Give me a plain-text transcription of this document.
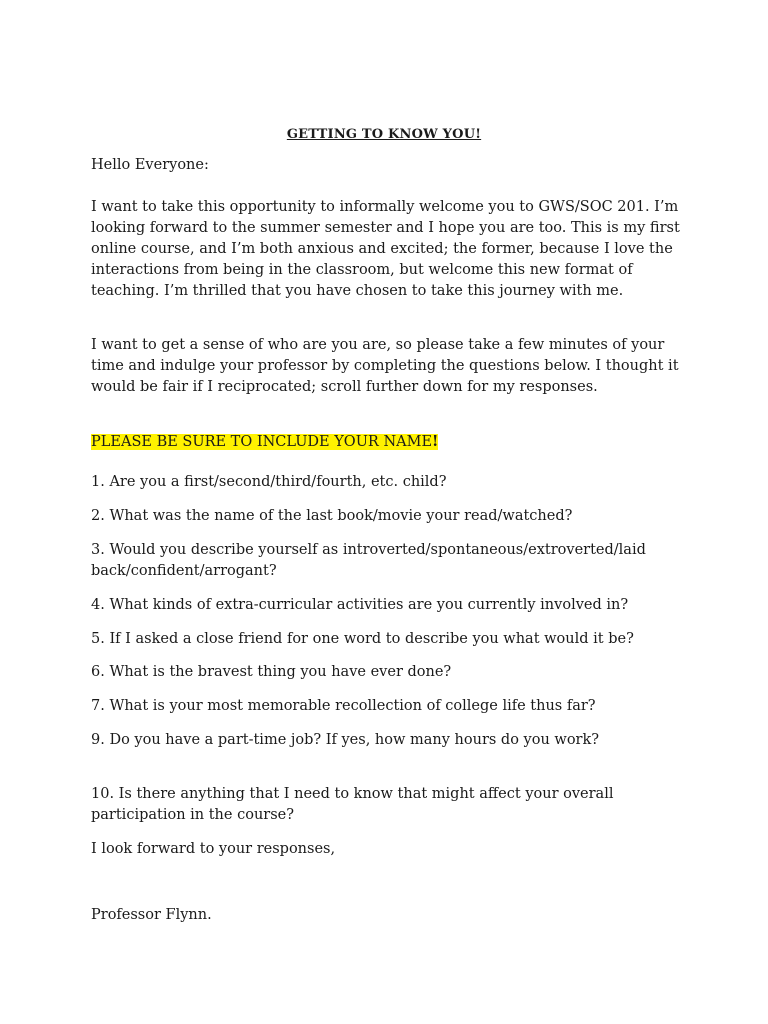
GETTING TO KNOW YOU!

Hello Everyone:

I want to take this opportunity to informally welcome you to GWS/SOC 201. I’m looking forward to the summer semester and I hope you are too. This is my first online course, and I’m both anxious and excited; the former, because I love the interactions from being in the classroom, but welcome this new format of teaching. I’m thrilled that you have chosen to take this journey with me.

I want to get a sense of who are you are, so please take a few minutes of your time and indulge your professor by completing the questions below. I thought it would be fair if I reciprocated; scroll further down for my responses.

PLEASE BE SURE TO INCLUDE YOUR NAME!

1. Are you a first/second/third/fourth, etc. child?

2. What was the name of the last book/movie your read/watched?

3. Would you describe yourself as introverted/spontaneous/extroverted/laid back/confident/arrogant?

4. What kinds of extra-curricular activities are you currently involved in?

5. If I asked a close friend for one word to describe you what would it be?

6. What is the bravest thing you have ever done?

7. What is your most memorable recollection of college life thus far?

9. Do you have a part-time job? If yes, how many hours do you work?

10. Is there anything that I need to know that might affect your overall participation in the course?

I look forward to your responses,

Professor Flynn.
